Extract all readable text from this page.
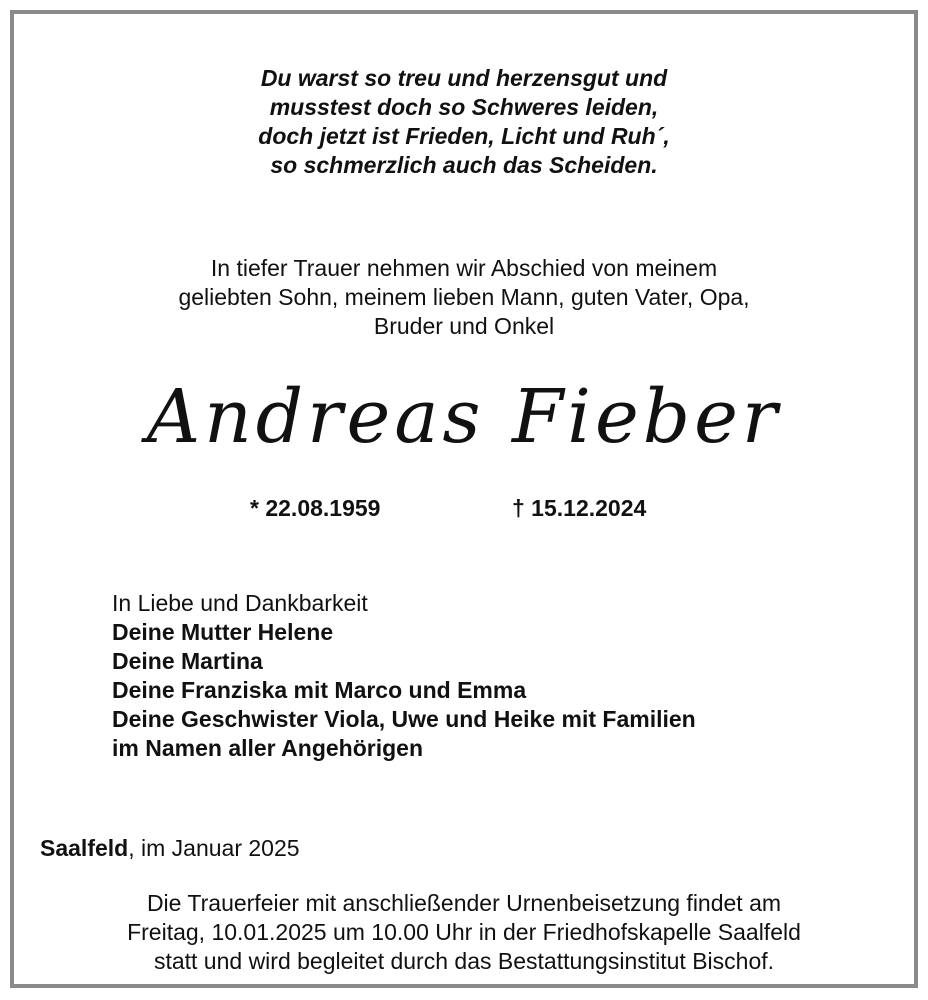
Du warst so treu und herzensgut und
musstest doch so Schweres leiden,
doch jetzt ist Frieden, Licht und Ruh´,
so schmerzlich auch das Scheiden.
In tiefer Trauer nehmen wir Abschied von meinem
geliebten Sohn, meinem lieben Mann, guten Vater, Opa,
Bruder und Onkel
Andreas Fieber
* 22.08.1959	† 15.12.2024
In Liebe und Dankbarkeit
Deine Mutter Helene
Deine Martina
Deine Franziska mit Marco und Emma
Deine Geschwister Viola, Uwe und Heike mit Familien
im Namen aller Angehörigen
Saalfeld, im Januar 2025
Die Trauerfeier mit anschließender Urnenbeisetzung findet am
Freitag, 10.01.2025 um 10.00 Uhr in der Friedhofskapelle Saalfeld
statt und wird begleitet durch das Bestattungsinstitut Bischof.
